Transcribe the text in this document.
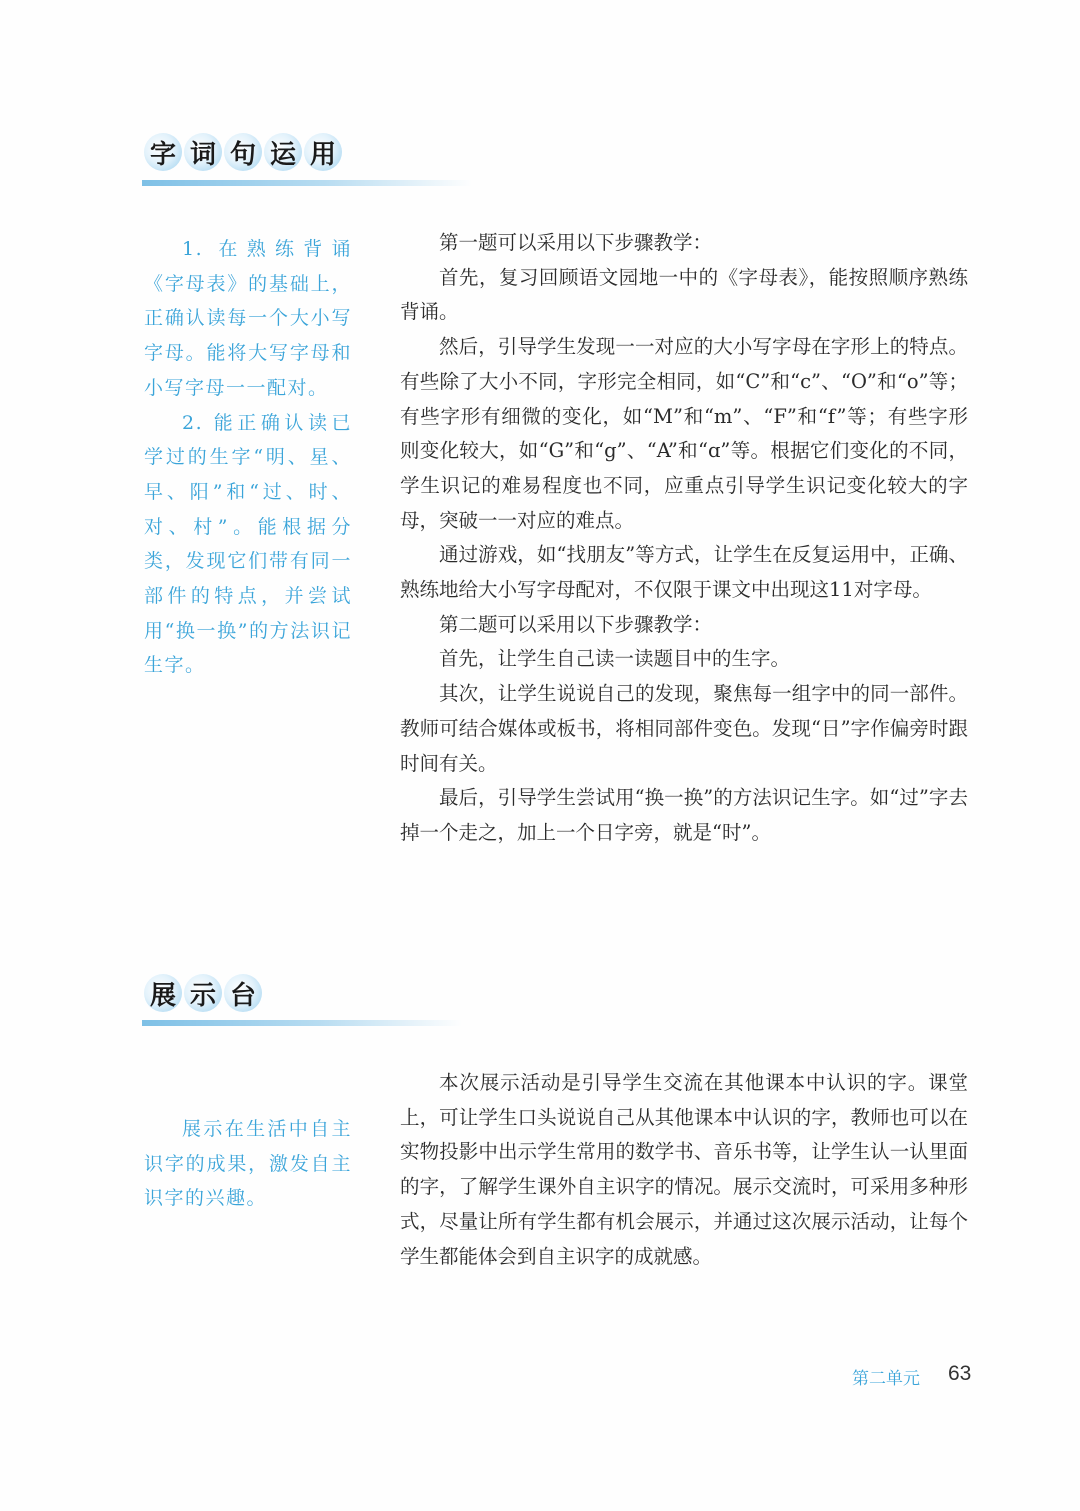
字 词 句 运 用

1. 在熟练背诵《字母表》的基础上，正确认读每一个大小写字母。能将大写字母和小写字母一一配对。

2. 能正确认读已学过的生字“明、星、早、阳”和“过、时、对、村”。能根据分类，发现它们带有同一部件的特点，并尝试用“换一换”的方法识记生字。

第一题可以采用以下步骤教学：

首先，复习回顾语文园地一中的《字母表》，能按照顺序熟练背诵。

然后，引导学生发现一一对应的大小写字母在字形上的特点。有些除了大小不同，字形完全相同，如“C”和“c”、“O”和“o”等；有些字形有细微的变化，如“M”和“m”、“F”和“f”等；有些字形则变化较大，如“G”和“g”、“A”和“ɑ”等。根据它们变化的不同，学生识记的难易程度也不同，应重点引导学生识记变化较大的字母，突破一一对应的难点。

通过游戏，如“找朋友”等方式，让学生在反复运用中，正确、熟练地给大小写字母配对，不仅限于课文中出现这11对字母。

第二题可以采用以下步骤教学：

首先，让学生自己读一读题目中的生字。

其次，让学生说说自己的发现，聚焦每一组字中的同一部件。教师可结合媒体或板书，将相同部件变色。发现“日”字作偏旁时跟时间有关。

最后，引导学生尝试用“换一换”的方法识记生字。如“过”字去掉一个走之，加上一个日字旁，就是“时”。

展 示 台

展示在生活中自主识字的成果，激发自主识字的兴趣。

本次展示活动是引导学生交流在其他课本中认识的字。课堂上，可让学生口头说说自己从其他课本中认识的字，教师也可以在实物投影中出示学生常用的数学书、音乐书等，让学生认一认里面的字，了解学生课外自主识字的情况。展示交流时，可采用多种形式，尽量让所有学生都有机会展示，并通过这次展示活动，让每个学生都能体会到自主识字的成就感。

第二单元 63
